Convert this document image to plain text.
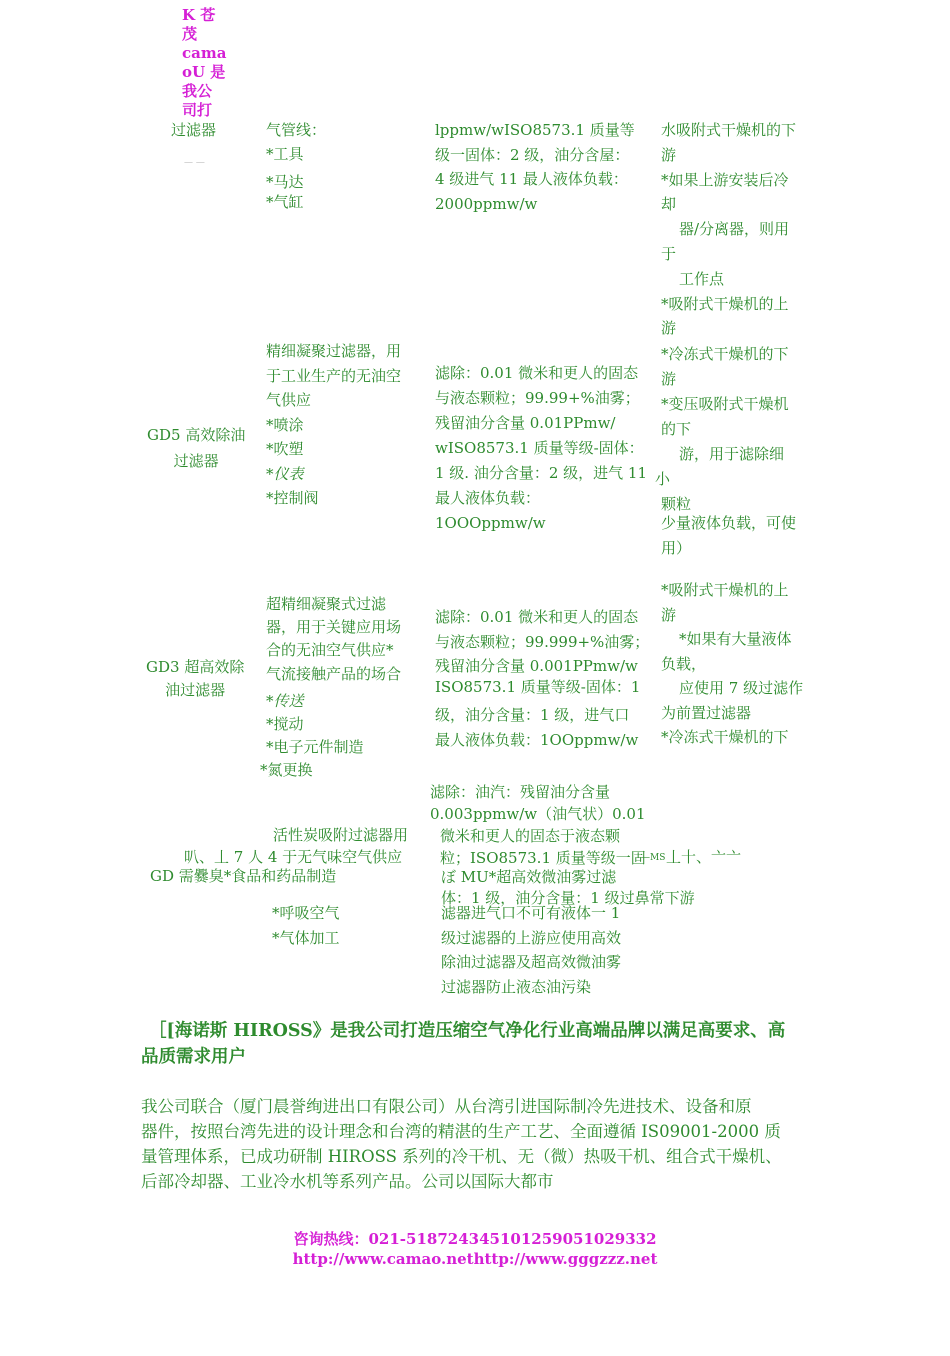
K 苍
茂
cama
oU 是
我公
司打
过滤器
— —
气管线：
*工具
*马达
*气缸
lppmw/wISO8573.1 质量等
级一固体：2 级，油分含屋：
4 级进气 11 最人液体负载：
2000ppmw/w
水吸附式干燥机的下
游
*如果上游安装后冷
却
器/分离器，则用
于
工作点
*吸附式干燥机的上
游
GD5 高效除油
过滤器
精细凝聚过滤器，用
于工业生产的无油空
气供应
*喷涂
*吹塑
*仪表
*控制阀
滤除：0.01 微米和更人的固态
与液态颗粒；99.99+%油雾；
残留油分含量 0.01PPmw/
wISO8573.1 质量等级-固体：
1 级. 油分含量：2 级，进气 11
最人液体负载：
1OOOppmw/w
*冷冻式干燥机的下
游
*变压吸附式干燥机
的下
游，用于滤除细
小
颗粒
少量液体负载，可使
用）
GD3 超高效除
油过滤器
超精细凝聚式过滤
器，用于关键应用场
合的无油空气供应*
气流接触产品的场合
*传送
*搅动
*电子元件制造
*氮更换
滤除：0.01 微米和更人的固态
与液态颗粒；99.999+%油雾；
残留油分含量 0.001PPmw/w
ISO8573.1 质量等级-固体：1
级，油分含量：1 级，进气口
最人液体负载：1OOppmw/w
*吸附式干燥机的上
游
*如果有大量液体
负载，
应使用 7 级过滤作
为前置过滤器
*冷冻式干燥机的下
滤除：油汽：残留油分含量
0.003ppmw/w（油气状）0.01
微米和更人的固态于液态颗
粒；ISO8573.1 质量等级一固
活性炭吸附过滤器用
叭、丄 7 人 4 于无气味空气供应
GD 需爨臭*食品和药品制造
—MS 丄十、亠亠
ぼ MU*超高效微油雾过滤
体：1 级，油分含量：1 级过鼻常下游
*呼吸空气
*气体加工
滤器进气口不可有液体一 1
级过滤器的上游应使用高效
除油过滤器及超高效微油雾
过滤器防止液态油污染
［[海诺斯 HIROSS》是我公司打造压缩空气净化行业高端品牌以满足高要求、高
品质需求用户
我公司联合（厦门晨誉绚进出口有限公司）从台湾引进国际制冷先进技术、设备和原
器件，按照台湾先进的设计理念和台湾的精湛的生产工艺、全面遵循 IS09001-2000 质
量管理体系，已成功研制 HIROSS 系列的冷干机、无（微）热吸干机、组合式干燥机、
后部冷却器、工业冷水机等系列产品。公司以国际大都市
咨询热线：021-51872434510125905102​9332
http://www.camao.nethttp://www.gggzzz.net
